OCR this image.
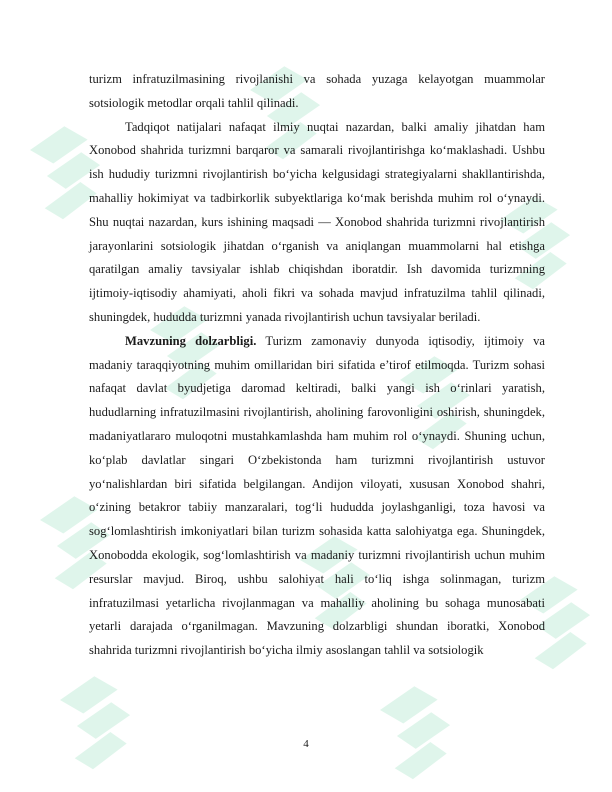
turizm infratuzilmasining rivojlanishi va sohada yuzaga kelayotgan muammolar sotsiologik metodlar orqali tahlil qilinadi.

Tadqiqot natijalari nafaqat ilmiy nuqtai nazardan, balki amaliy jihatdan ham Xonobod shahrida turizmni barqaror va samarali rivojlantirishga ko‘maklashadi. Ushbu ish hududiy turizmni rivojlantirish bo‘yicha kelgusidagi strategiyalarni shakllantirishda, mahalliy hokimiyat va tadbirkorlik subyektlariga ko‘mak berishda muhim rol o‘ynaydi. Shu nuqtai nazardan, kurs ishining maqsadi — Xonobod shahrida turizmni rivojlantirish jarayonlarini sotsiologik jihatdan o‘rganish va aniqlangan muammolarni hal etishga qaratilgan amaliy tavsiyalar ishlab chiqishdan iboratdir. Ish davomida turizmning ijtimoiy-iqtisodiy ahamiyati, aholi fikri va sohada mavjud infratuzilma tahlil qilinadi, shuningdek, hududda turizmni yanada rivojlantirish uchun tavsiyalar beriladi.

Mavzuning dolzarbligi. Turizm zamonaviy dunyoda iqtisodiy, ijtimoiy va madaniy taraqqiyotning muhim omillaridan biri sifatida e’tirof etilmoqda. Turizm sohasi nafaqat davlat byudjetiga daromad keltiradi, balki yangi ish o‘rinlari yaratish, hududlarning infratuzilmasini rivojlantirish, aholining farovonligini oshirish, shuningdek, madaniyatlararo muloqotni mustahkamlashda ham muhim rol o‘ynaydi. Shuning uchun, ko‘plab davlatlar singari O‘zbekistonda ham turizmni rivojlantirish ustuvor yo‘nalishlardan biri sifatida belgilangan. Andijon viloyati, xususan Xonobod shahri, o‘zining betakror tabiiy manzaralari, tog‘li hududda joylashganligi, toza havosi va sog‘lomlashtirish imkoniyatlari bilan turizm sohasida katta salohiyatga ega. Shuningdek, Xonobodda ekologik, sog‘lomlashtirish va madaniy turizmni rivojlantirish uchun muhim resurslar mavjud. Biroq, ushbu salohiyat hali to‘liq ishga solinmagan, turizm infratuzilmasi yetarlicha rivojlanmagan va mahalliy aholining bu sohaga munosabati yetarli darajada o‘rganilmagan. Mavzuning dolzarbligi shundan iboratki, Xonobod shahrida turizmni rivojlantirish bo‘yicha ilmiy asoslangan tahlil va sotsiologik

4
